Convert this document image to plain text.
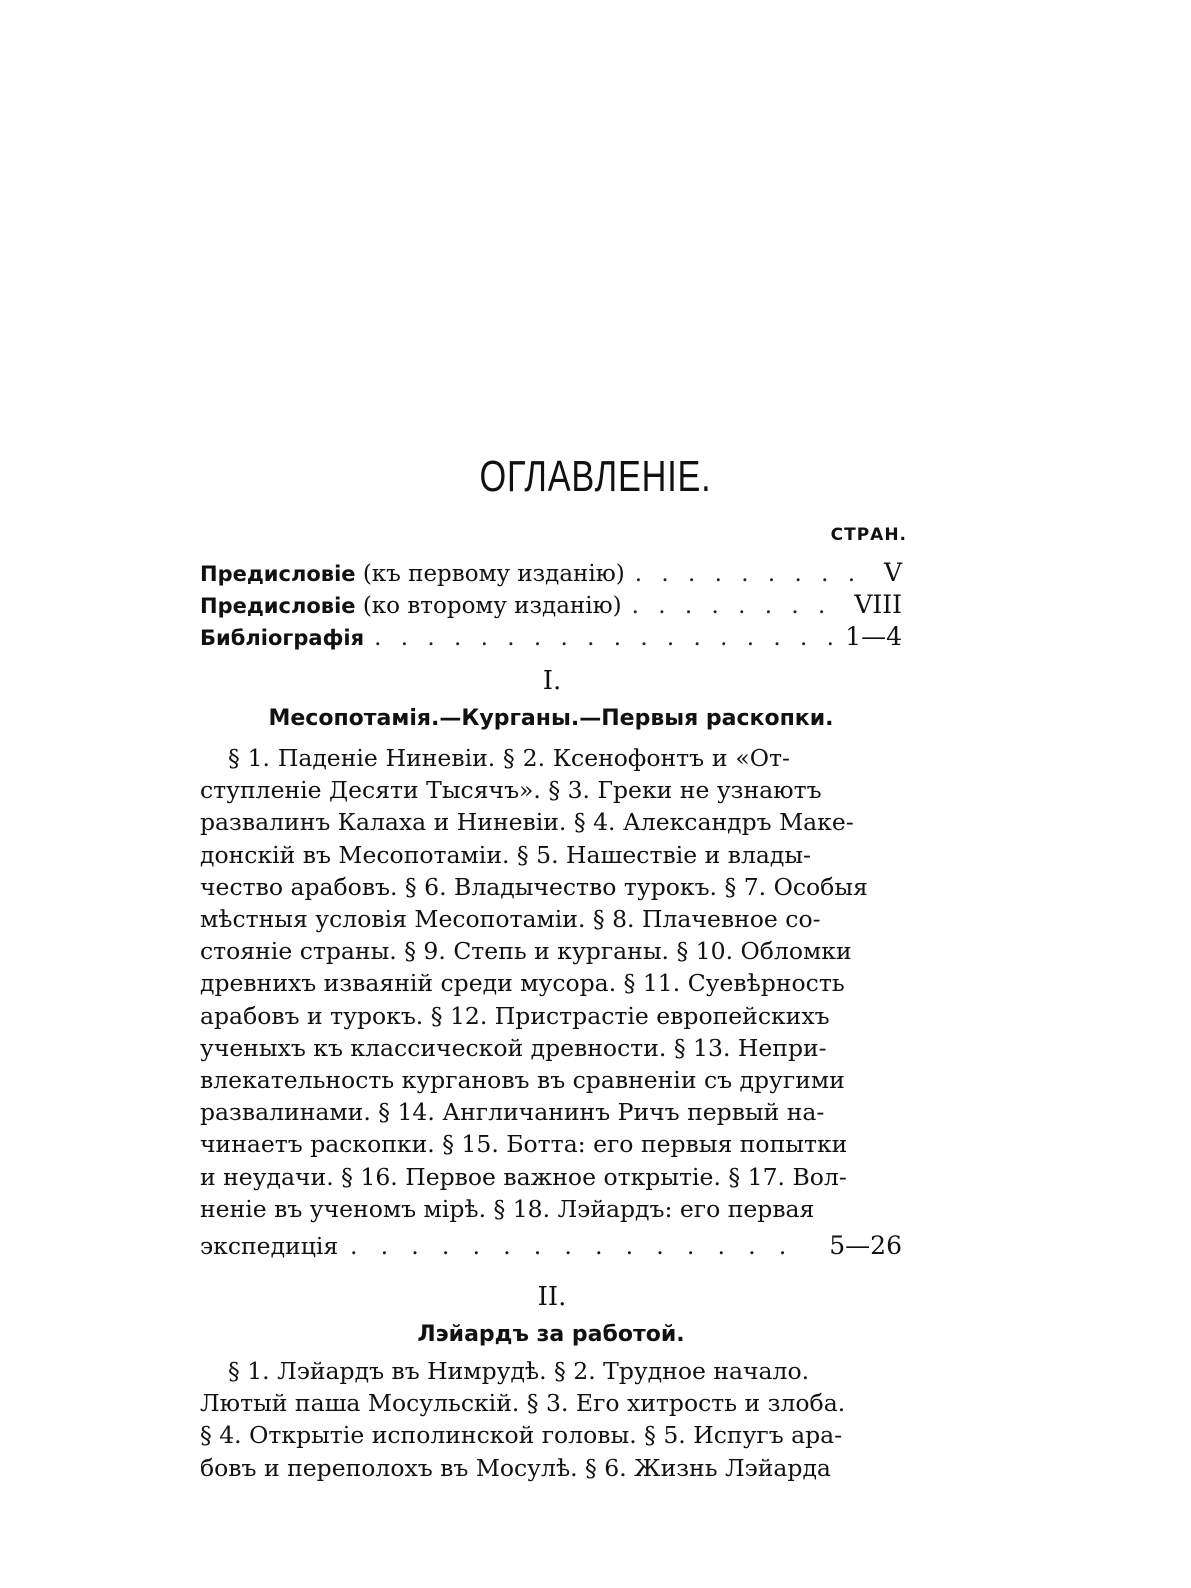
ОГЛАВЛЕНІЕ.
СТРАН.
Предисловіе (къ первому изданію) . . .	V
Предисловіе (ко второму изданію) . . .	VIII
Библіографія . . .	1—4
I.
Месопотамія.—Курганы.—Первыя раскопки.
§ 1. Паденіе Ниневіи. § 2. Ксенофонтъ и «От-
ступленіе Десяти Тысячъ». § 3. Греки не узнаютъ
развалинъ Калаха и Ниневіи. § 4. Александръ Маке-
донскій въ Месопотаміи. § 5. Нашествіе и влады-
чество арабовъ. § 6. Владычество турокъ. § 7. Особыя
мѣстныя условія Месопотаміи. § 8. Плачевное со-
стояніе страны. § 9. Степь и курганы. § 10. Обломки
древнихъ изваяній среди мусора. § 11. Суевѣрность
арабовъ и турокъ. § 12. Пристрастіе европейскихъ
ученыхъ къ классической древности. § 13. Непри-
влекательность кургановъ въ сравненіи съ другими
развалинами. § 14. Англичанинъ Ричъ первый на-
чинаетъ раскопки. § 15. Ботта: его первыя попытки
и неудачи. § 16. Первое важное открытіе. § 17. Вол-
неніе въ ученомъ мірѣ. § 18. Лэйардъ: его первая
экспедиція . . .	5—26
II.
Лэйардъ за работой.
§ 1. Лэйардъ въ Нимрудѣ. § 2. Трудное начало.
Лютый паша Мосульскій. § 3. Его хитрость и злоба.
§ 4. Открытіе исполинской головы. § 5. Испугъ ара-
бовъ и переполохъ въ Мосулѣ. § 6. Жизнь Лэйарда
